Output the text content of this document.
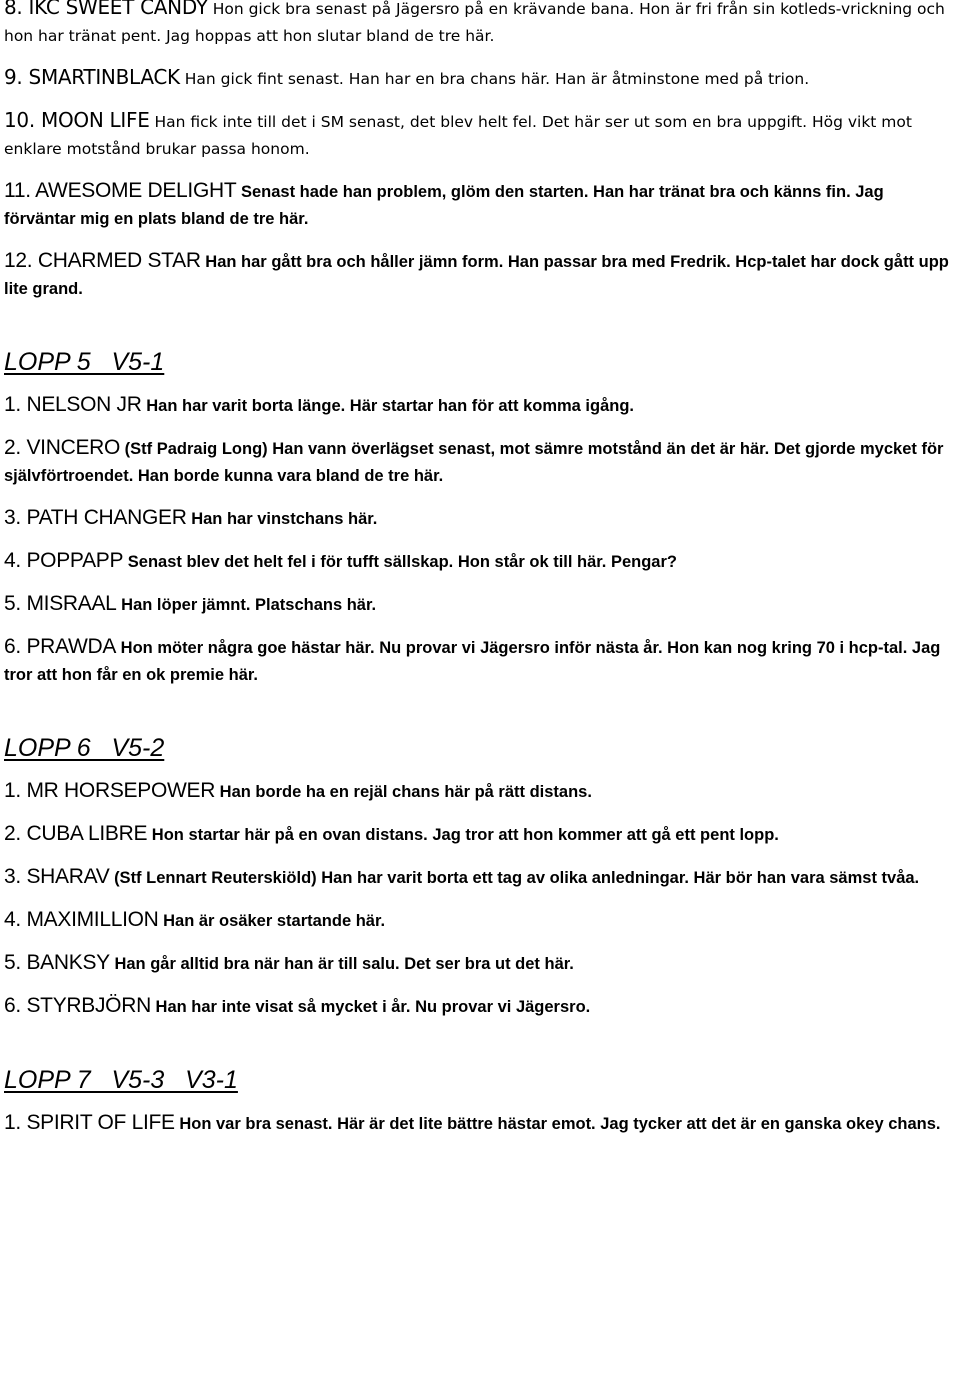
8. IKC SWEET CANDY Hon gick bra senast på Jägersro på en krävande bana. Hon är fri från sin kotleds-vrickning och hon har tränat pent. Jag hoppas att hon slutar bland de tre här.

9. SMARTINBLACK Han gick fint senast. Han har en bra chans här. Han är åtminstone med på trion.

10. MOON LIFE Han fick inte till det i SM senast, det blev helt fel. Det här ser ut som en bra uppgift. Hög vikt mot enklare motstånd brukar passa honom.

11. AWESOME DELIGHT Senast hade han problem, glöm den starten. Han har tränat bra och känns fin. Jag förväntar mig en plats bland de tre här.

12. CHARMED STAR Han har gått bra och håller jämn form. Han passar bra med Fredrik. Hcp-talet har dock gått upp lite grand.

LOPP 5   V5-1

1. NELSON JR Han har varit borta länge. Här startar han för att komma igång.

2. VINCERO (Stf Padraig Long) Han vann överlägset senast, mot sämre motstånd än det är här. Det gjorde mycket för självförtroendet. Han borde kunna vara bland de tre här.

3. PATH CHANGER Han har vinstchans här.

4. POPPAPP Senast blev det helt fel i för tufft sällskap. Hon står ok till här. Pengar?

5. MISRAAL Han löper jämnt. Platschans här.

6. PRAWDA Hon möter några goe hästar här. Nu provar vi Jägersro inför nästa år. Hon kan nog kring 70 i hcp-tal. Jag tror att hon får en ok premie här.

LOPP 6   V5-2

1. MR HORSEPOWER Han borde ha en rejäl chans här på rätt distans.

2. CUBA LIBRE Hon startar här på en ovan distans. Jag tror att hon kommer att gå ett pent lopp.

3. SHARAV (Stf Lennart Reuterskiöld) Han har varit borta ett tag av olika anledningar. Här bör han vara sämst tvåa.

4. MAXIMILLION Han är osäker startande här.

5. BANKSY Han går alltid bra när han är till salu. Det ser bra ut det här.

6. STYRBJÖRN Han har inte visat så mycket i år. Nu provar vi Jägersro.

LOPP 7   V5-3   V3-1

1. SPIRIT OF LIFE Hon var bra senast. Här är det lite bättre hästar emot. Jag tycker att det är en ganska okey chans.
